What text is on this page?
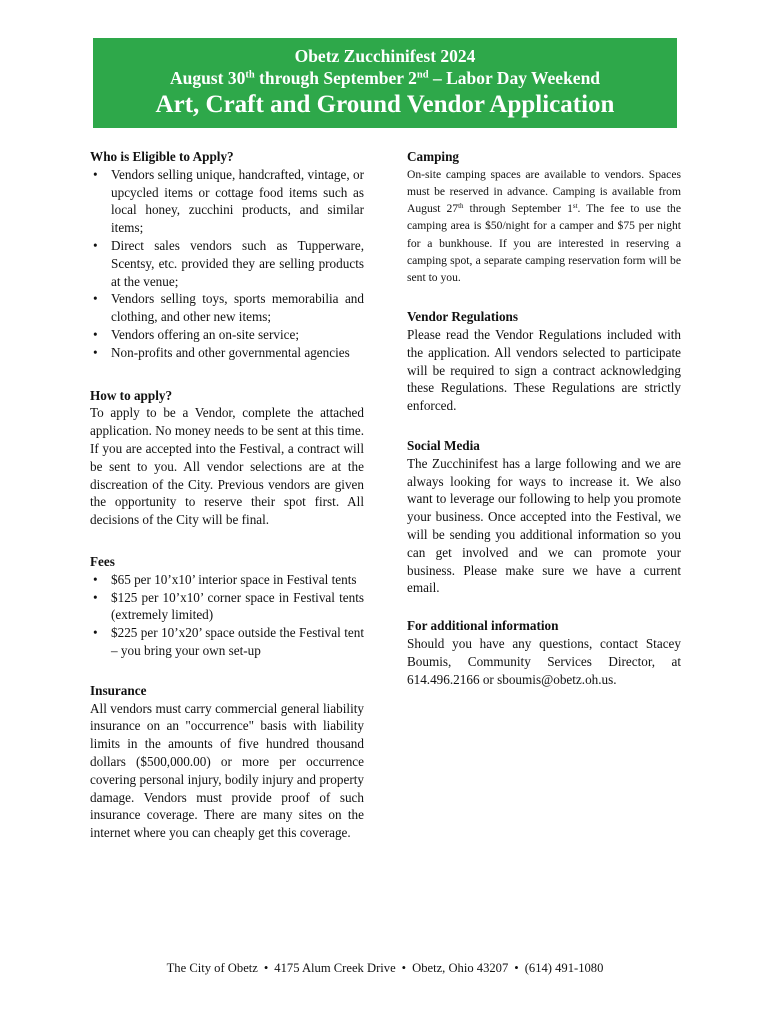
Obetz Zucchinifest 2024
August 30th through September 2nd – Labor Day Weekend
Art, Craft and Ground Vendor Application
Who is Eligible to Apply?
• Vendors selling unique, handcrafted, vintage, or upcycled items or cottage food items such as local honey, zucchini products, and similar items;
• Direct sales vendors such as Tupperware, Scentsy, etc. provided they are selling products at the venue;
• Vendors selling toys, sports memorabilia and clothing, and other new items;
• Vendors offering an on-site service;
• Non-profits and other governmental agencies
How to apply?

To apply to be a Vendor, complete the attached application. No money needs to be sent at this time. If you are accepted into the Festival, a contract will be sent to you. All vendor selections are at the discreation of the City. Previous vendors are given the opportunity to reserve their spot first. All decisions of the City will be final.

Fees
• $65 per 10’x10’ interior space in Festival tents
• $125 per 10’x10’ corner space in Festival tents (extremely limited)
• $225 per 10’x20’ space outside the Festival tent – you bring your own set-up
Insurance

All vendors must carry commercial general liability insurance on an "occurrence" basis with liability limits in the amounts of five hundred thousand dollars ($500,000.00) or more per occurrence covering personal injury, bodily injury and property damage. Vendors must provide proof of such insurance coverage. There are many sites on the internet where you can cheaply get this coverage.

Camping

On-site camping spaces are available to vendors. Spaces must be reserved in advance. Camping is available from August 27th through September 1st. The fee to use the camping area is $50/night for a camper and $75 per night for a bunkhouse. If you are interested in reserving a camping spot, a separate camping reservation form will be sent to you.

Vendor Regulations

Please read the Vendor Regulations included with the application. All vendors selected to participate will be required to sign a contract acknowledging these Regulations. These Regulations are strictly enforced.

Social Media

The Zucchinifest has a large following and we are always looking for ways to increase it. We also want to leverage our following to help you promote your business. Once accepted into the Festival, we will be sending you additional information so you can get involved and we can promote your business. Please make sure we have a current email.

For additional information

Should you have any questions, contact Stacey Boumis, Community Services Director, at 614.496.2166 or sboumis@obetz.oh.us.

The City of Obetz • 4175 Alum Creek Drive • Obetz, Ohio 43207 • (614) 491-1080
